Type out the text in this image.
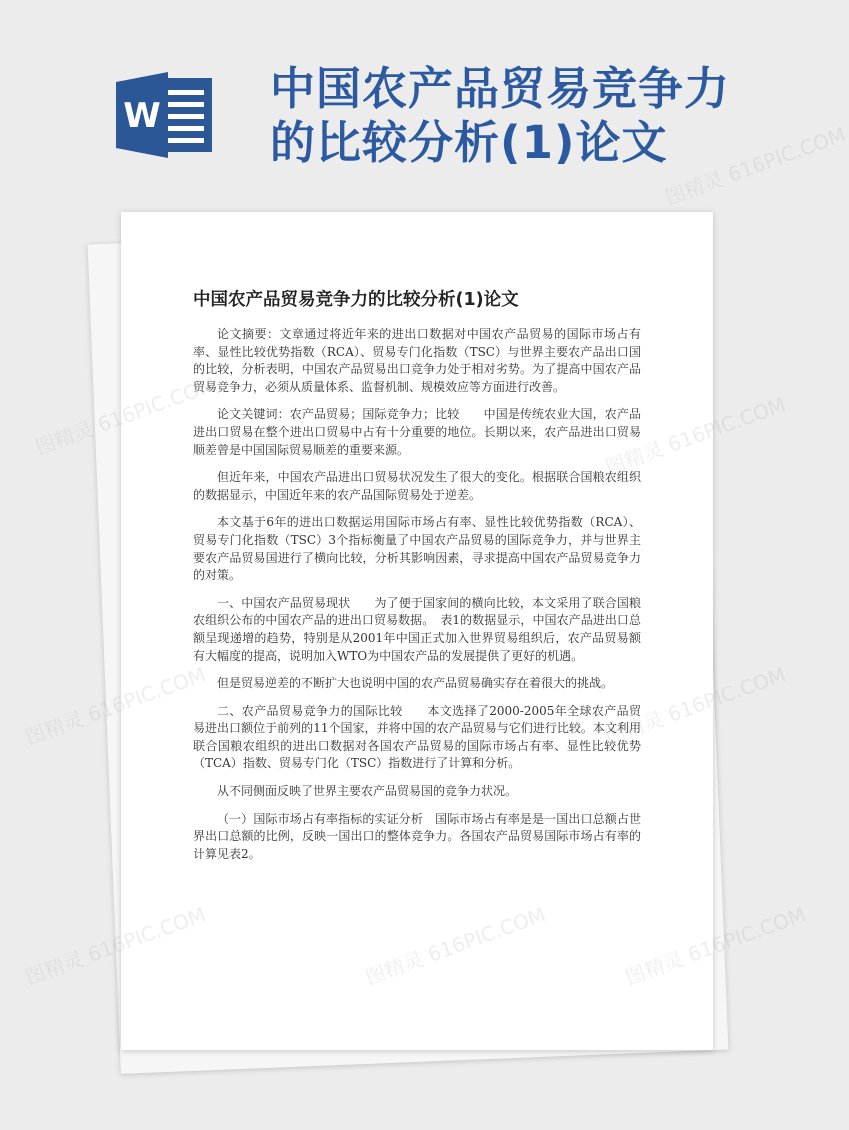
W
中国农产品贸易竞争力的比较分析(1)论文
中国农产品贸易竞争力的比较分析(1)论文

论文摘要：文章通过将近年来的进出口数据对中国农产品贸易的国际市场占有率、显性比较优势指数（RCA）、贸易专门化指数（TSC）与世界主要农产品出口国的比较，分析表明，中国农产品贸易出口竞争力处于相对劣势。为了提高中国农产品贸易竞争力，必须从质量体系、监督机制、规模效应等方面进行改善。

论文关键词：农产品贸易；国际竞争力；比较　　中国是传统农业大国，农产品进出口贸易在整个进出口贸易中占有十分重要的地位。长期以来，农产品进出口贸易顺差曾是中国国际贸易顺差的重要来源。

但近年来，中国农产品进出口贸易状况发生了很大的变化。根据联合国粮农组织的数据显示，中国近年来的农产品国际贸易处于逆差。

本文基于6年的进出口数据运用国际市场占有率、显性比较优势指数（RCA）、贸易专门化指数（TSC）3个指标衡量了中国农产品贸易的国际竞争力，并与世界主要农产品贸易国进行了横向比较，分析其影响因素，寻求提高中国农产品贸易竞争力的对策。

一、中国农产品贸易现状　　为了便于国家间的横向比较，本文采用了联合国粮农组织公布的中国农产品的进出口贸易数据。　表1的数据显示，中国农产品进出口总额呈现递增的趋势，特别是从2001年中国正式加入世界贸易组织后，农产品贸易额有大幅度的提高，说明加入WTO为中国农产品的发展提供了更好的机遇。

但是贸易逆差的不断扩大也说明中国的农产品贸易确实存在着很大的挑战。

二、农产品贸易竞争力的国际比较　　本文选择了2000-2005年全球农产品贸易进出口额位于前列的11个国家，并将中国的农产品贸易与它们进行比较。本文利用联合国粮农组织的进出口数据对各国农产品贸易的国际市场占有率、显性比较优势（TCA）指数、贸易专门化（TSC）指数进行了计算和分析。

从不同侧面反映了世界主要农产品贸易国的竞争力状况。

（一）国际市场占有率指标的实证分析　国际市场占有率是是一国出口总额占世界出口总额的比例，反映一国出口的整体竞争力。各国农产品贸易国际市场占有率的计算见表2。

图精灵 616PIC.COM
图精灵	616PIC.COM
图精灵
616PIC.COM
图精灵
616PIC.COM
